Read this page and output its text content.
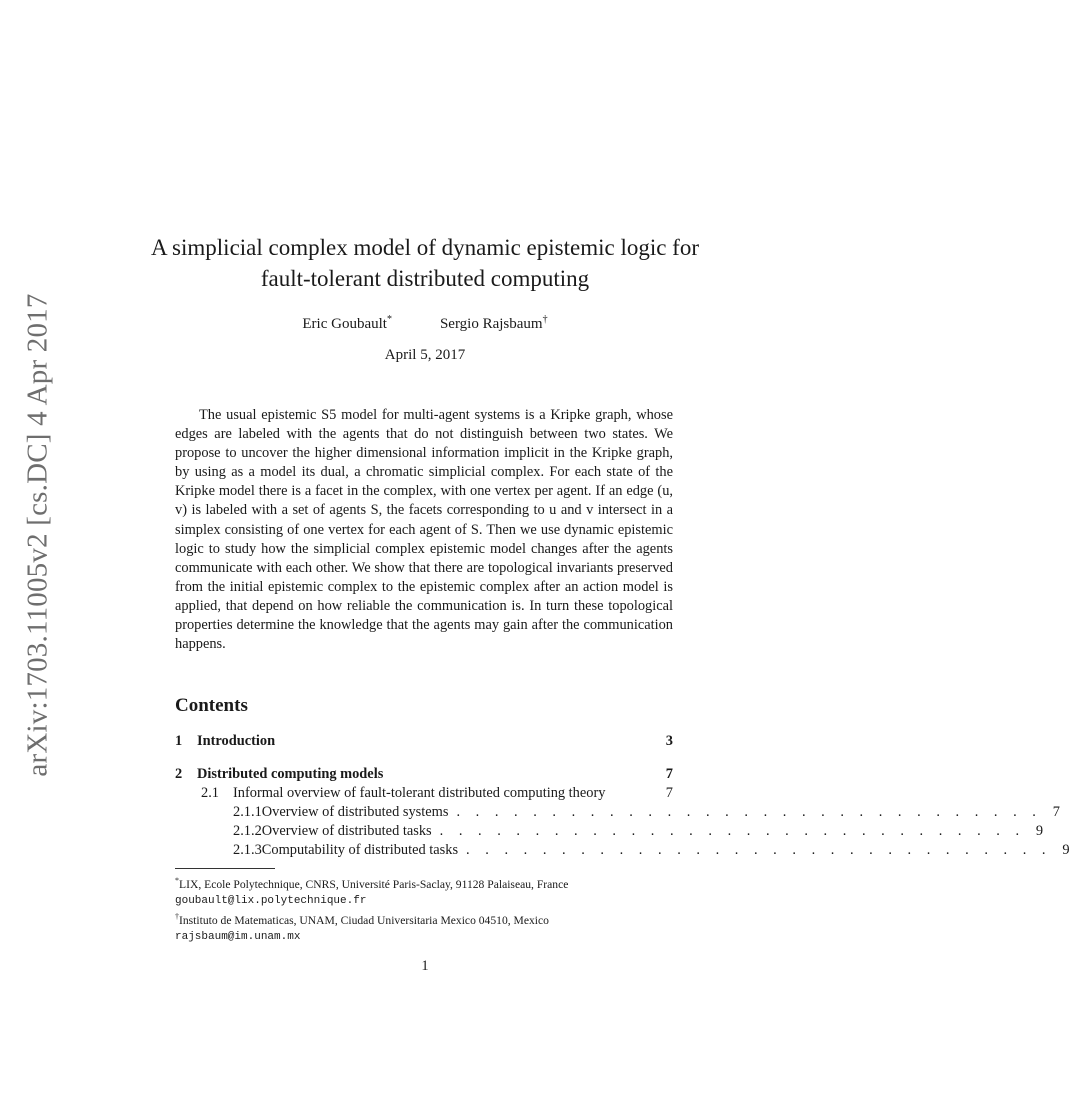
arXiv:1703.11005v2 [cs.DC] 4 Apr 2017
A simplicial complex model of dynamic epistemic logic for fault-tolerant distributed computing
Eric Goubault*	Sergio Rajsbaum†
April 5, 2017

The usual epistemic S5 model for multi-agent systems is a Kripke graph, whose edges are labeled with the agents that do not distinguish between two states. We propose to uncover the higher dimensional information implicit in the Kripke graph, by using as a model its dual, a chromatic simplicial complex. For each state of the Kripke model there is a facet in the complex, with one vertex per agent. If an edge (u, v) is labeled with a set of agents S, the facets corresponding to u and v intersect in a simplex consisting of one vertex for each agent of S. Then we use dynamic epistemic logic to study how the simplicial complex epistemic model changes after the agents communicate with each other. We show that there are topological invariants preserved from the initial epistemic complex to the epistemic complex after an action model is applied, that depend on how reliable the communication is. In turn these topological properties determine the knowledge that the agents may gain after the communication happens.

Contents
1	Introduction	3
2	Distributed computing models	7
2.1 Informal overview of fault-tolerant distributed computing theory	7
2.1.1 Overview of distributed systems . . . . . . . . . . . . . . . . . . . . . . . . . . . . . . . 7
2.1.2 Overview of distributed tasks . . . . . . . . . . . . . . . . . . . . . . . . . . . . . . . 9
2.1.3 Computability of distributed tasks . . . . . . . . . . . . . . . . . . . . . . . . . . . . . . . 9
*LIX, Ecole Polytechnique, CNRS, Université Paris-Saclay, 91128 Palaiseau, France
goubault@lix.polytechnique.fr
†Instituto de Matematicas, UNAM, Ciudad Universitaria Mexico 04510, Mexico
rajsbaum@im.unam.mx
1
